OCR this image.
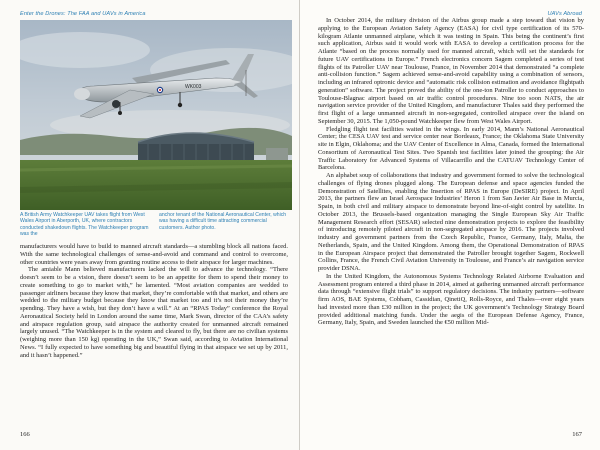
Enter the Drones: The FAA and UAVs in America
WK003
A British Army Watchkeeper UAV takes flight from West Wales Airport in Aberporth, UK, where contractors conducted shakedown flights. The Watchkeeper program was the
anchor tenant of the National Aeronautical Center, which was having a difficult time attracting commercial customers. Author photo.

manufacturers would have to build to manned aircraft standards—a stumbling block all nations faced. With the same technological challenges of sense-and-avoid and command and control to overcome, other countries were years away from granting routine access to their airspace for larger machines.

The amiable Mann believed manufacturers lacked the will to advance the technology. “There doesn’t seem to be a vision, there doesn’t seem to be an appetite for them to spend their money to create something to go to market with,” he lamented. “Most aviation companies are wedded to passenger airliners because they know that market, they’re comfortable with that market, and others are wedded to the military budget because they know that market too and it’s not their money they’re spending. They have a wish, but they don’t have a will.” At an “RPAS Today” conference the Royal Aeronautical Society held in London around the same time, Mark Swan, director of the CAA’s safety and airspace regulation group, said airspace the authority created for unmanned aircraft remained largely unused. “The Watchkeeper is in the system and cleared to fly, but there are no civilian systems (weighing more than 150 kg) operating in the UK,” Swan said, according to Aviation International News. “I fully expected to have something big and beautiful flying in that airspace we set up by 2011, and it hasn’t happened.”

166
UAVs Abroad

In October 2014, the military division of the Airbus group made a step toward that vision by applying to the European Aviation Safety Agency (EASA) for civil type certification of its 570-kilogram Atlante unmanned airplane, which it was testing in Spain. This being the continent’s first such application, Airbus said it would work with EASA to develop a certification process for the Atlante “based on the process normally used for manned aircraft, which will set the standards for future UAV certifications in Europe.” French electronics concern Sagem completed a series of test flights of its Patroller UAV near Toulouse, France, in November 2014 that demonstrated “a complete anti-collision function.” Sagem achieved sense-and-avoid capability using a combination of sensors, including an infrared optronic device and “automatic risk collision estimation and avoidance flightpath generation” software. The project proved the ability of the one-ton Patroller to conduct approaches to Toulouse-Blagnac airport based on air traffic control procedures. Nine too soon NATS, the air navigation service provider of the United Kingdom, and manufacturer Thales said they performed the first flight of a large unmanned aircraft in non-segregated, controlled airspace over the island on September 30, 2015. The 1,050-pound Watchkeeper flew from West Wales Airport.

Fledgling flight test facilities waited in the wings. In early 2014, Mann’s National Aeronautical Center; the CESA UAV test and service center near Bordeaux, France; the Oklahoma State University site in Elgin, Oklahoma; and the UAV Center of Excellence in Alma, Canada, formed the International Consortium of Aeronautical Test Sites. Two Spanish test facilities later joined the grouping: the Air Traffic Laboratory for Advanced Systems of Villacarrillo and the CATUAV Technology Center of Barcelona.

An alphabet soup of collaborations that industry and government formed to solve the technological challenges of flying drones plugged along. The European defense and space agencies funded the Demonstration of Satellites, enabling the Insertion of RPAS in Europe (DeSIRE) project. In April 2013, the partners flew an Israel Aerospace Industries’ Heron 1 from San Javier Air Base in Murcia, Spain, in both civil and military airspace to demonstrate beyond line-of-sight control by satellite. In October 2013, the Brussels-based organization managing the Single European Sky Air Traffic Management Research effort (SESAR) selected nine demonstration projects to explore the feasibility of introducing remotely piloted aircraft in non-segregated airspace by 2016. The projects involved industry and government partners from the Czech Republic, France, Germany, Italy, Malta, the Netherlands, Spain, and the United Kingdom. Among them, the Operational Demonstration of RPAS in the European Airspace project that demonstrated the Patroller brought together Sagem, Rockwell Collins, France, the French Civil Aviation University in Toulouse, and France’s air navigation service provider DSNA.

In the United Kingdom, the Autonomous Systems Technology Related Airborne Evaluation and Assessment program entered a third phase in 2014, aimed at gathering unmanned aircraft performance data through “extensive flight trials” to support regulatory decisions. The industry partners—software firm AOS, BAE Systems, Cobham, Cassidian, QinetiQ, Rolls-Royce, and Thales—over eight years had invested more than £30 million in the project; the UK government’s Technology Strategy Board provided additional matching funds. Under the aegis of the European Defense Agency, France, Germany, Italy, Spain, and Sweden launched the €50 million Mid-

167
